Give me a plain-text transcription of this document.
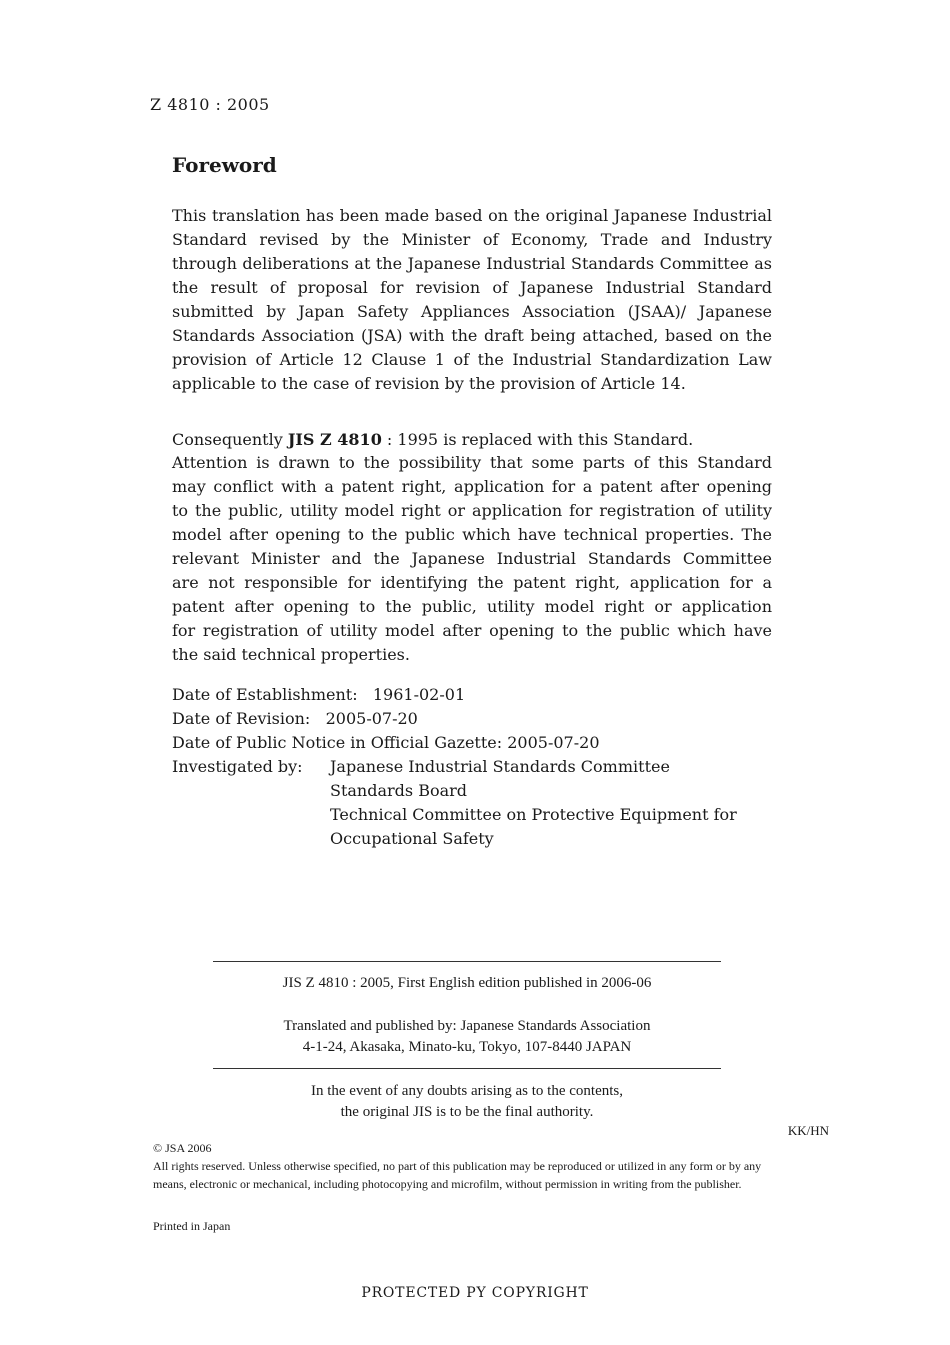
Z 4810 : 2005
Foreword

This translation has been made based on the original Japanese Industrial Standard revised by the Minister of Economy, Trade and Industry through deliberations at the Japanese Industrial Standards Committee as the result of proposal for revision of Japanese Industrial Standard submitted by Japan Safety Appliances Association (JSAA)/ Japanese Standards Association (JSA) with the draft being attached, based on the provision of Article 12 Clause 1 of the Industrial Standardization Law applicable to the case of revision by the provision of Article 14.

Consequently JIS Z 4810 : 1995 is replaced with this Standard.

Attention is drawn to the possibility that some parts of this Standard
may conflict with a patent right, application for a patent after opening
to the public, utility model right or application for registration of utility
model after opening to the public which have technical properties. The
relevant Minister and the Japanese Industrial Standards Committee
are not responsible for identifying the patent right, application for a
patent after opening to the public, utility model right or application
for registration of utility model after opening to the public which have
the said technical properties.
Date of Establishment: 1961-02-01
Date of Revision: 2005-07-20
Date of Public Notice in Official Gazette: 2005-07-20
Investigated by:	Japanese Industrial Standards Committee
Standards Board
Technical Committee on Protective Equipment for
Occupational Safety
JIS Z 4810 : 2005, First English edition published in 2006-06
Translated and published by: Japanese Standards Association
4-1-24, Akasaka, Minato-ku, Tokyo, 107-8440 JAPAN
In the event of any doubts arising as to the contents,
the original JIS is to be the final authority.
KK/HN

© JSA 2006

All rights reserved. Unless otherwise specified, no part of this publication may be reproduced or utilized in any form or by any means, electronic or mechanical, including photocopying and microfilm, without permission in writing from the publisher.

Printed in Japan

PROTECTED PY COPYRIGHT
